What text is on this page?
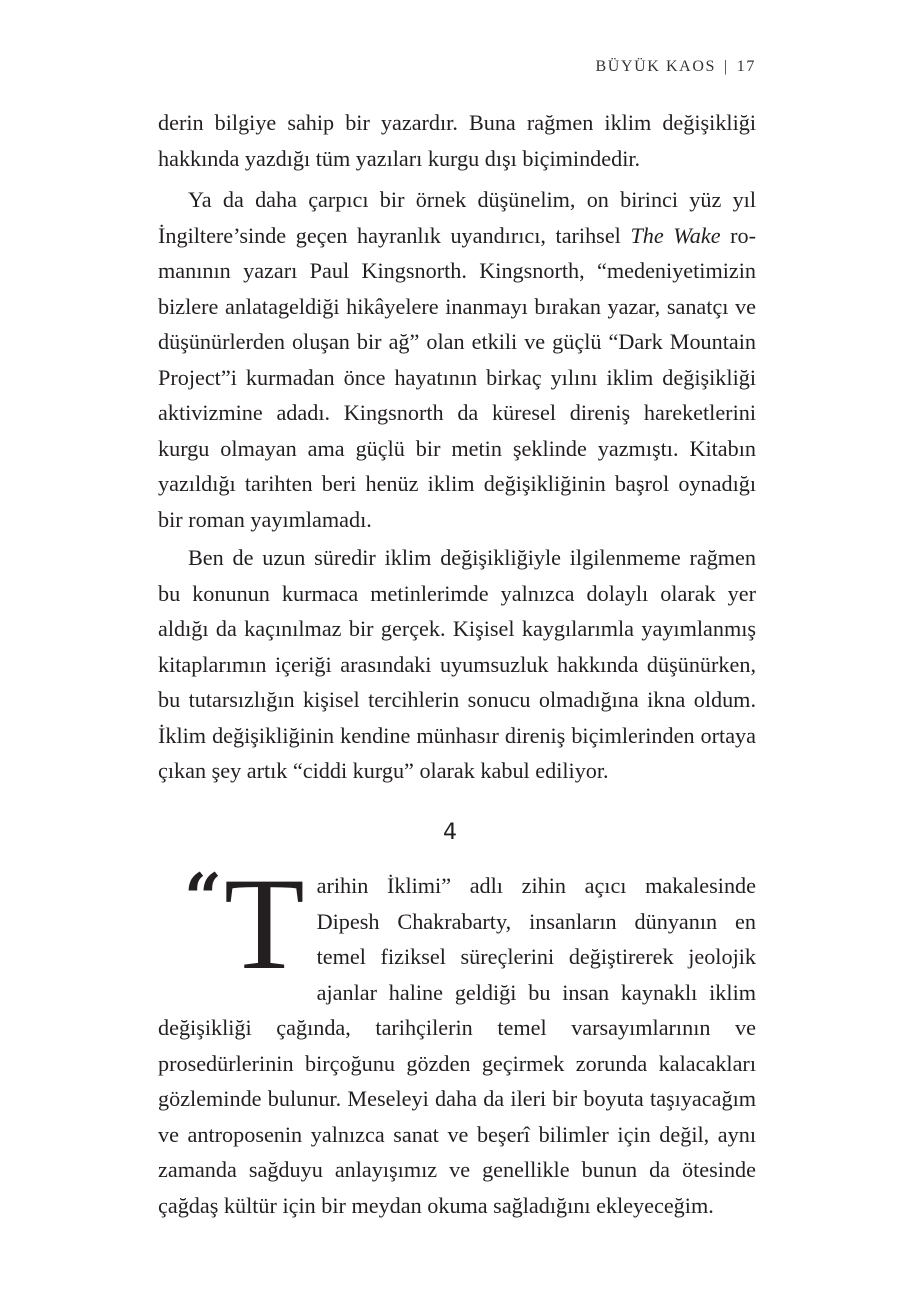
BÜYÜK KAOS | 17

derin bilgiye sahip bir yazardır. Buna rağmen iklim değişikliği hakkında yazdığı tüm yazıları kurgu dışı biçimindedir.

Ya da daha çarpıcı bir örnek düşünelim, on birinci yüz yıl İngiltere’sinde geçen hayranlık uyandırıcı, tarihsel The Wake romanının yazarı Paul Kingsnorth. Kingsnorth, “medeniyetimizin bizlere anlatageldiği hikâyelere inanmayı bırakan yazar, sanatçı ve düşünürlerden oluşan bir ağ” olan etkili ve güçlü “Dark Mountain Project”i kurmadan önce hayatının birkaç yılını iklim değişikliği aktivizmine adadı. Kingsnorth da küresel direniş hareketlerini kurgu olmayan ama güçlü bir metin şeklinde yazmıştı. Kitabın yazıldığı tarihten beri henüz iklim değişikliğinin başrol oynadığı bir roman yayımlamadı.

Ben de uzun süredir iklim değişikliğiyle ilgilenmeme rağmen bu konunun kurmaca metinlerimde yalnızca dolaylı olarak yer aldığı da kaçınılmaz bir gerçek. Kişisel kaygılarımla yayımlanmış kitaplarımın içeriği arasındaki uyumsuzluk hakkında düşünürken, bu tutarsızlığın kişisel tercihlerin sonucu olmadığına ikna oldum. İklim değişikliğinin kendine münhasır direniş biçimlerinden ortaya çıkan şey artık “ciddi kurgu” olarak kabul ediliyor.

4

“ T arihin İklimi” adlı zihin açıcı makalesinde Dipesh Chakrabarty, insanların dünyanın en temel fiziksel süreçlerini değiştirerek jeolojik ajanlar haline geldiği bu insan kaynaklı iklim değişikliği çağında, tarihçilerin temel varsayımlarının ve prosedürlerinin birçoğunu gözden geçirmek zorunda kalacakları gözleminde bulunur. Meseleyi daha da ileri bir boyuta taşıyacağım ve antroposenin yalnızca sanat ve beşerî bilimler için değil, aynı zamanda sağduyu anlayışımız ve genellikle bunun da ötesinde çağdaş kültür için bir meydan okuma sağladığını ekleyeceğim.
